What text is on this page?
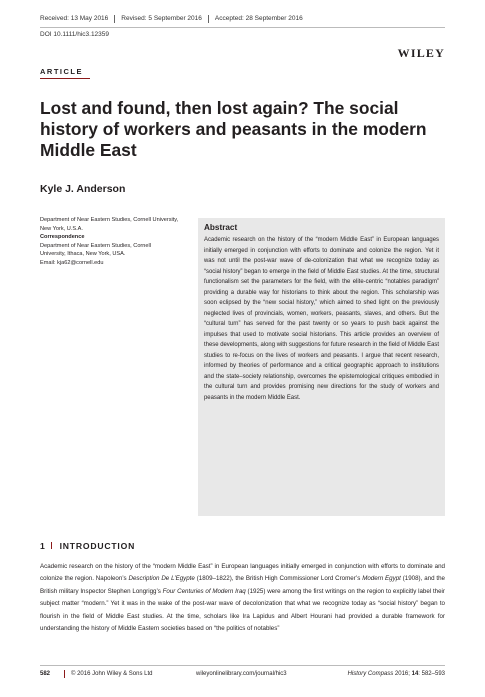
Received: 13 May 2016 Revised: 5 September 2016 Accepted: 28 September 2016
DOI 10.1111/hic3.12359
WILEY
ARTICLE
Lost and found, then lost again? The social history of workers and peasants in the modern Middle East
Kyle J. Anderson
Department of Near Eastern Studies, Cornell University, New York, U.S.A.
Correspondence
Department of Near Eastern Studies, Cornell
University, Ithaca, New York, USA.
Email: kja62@cornell.edu
Abstract

Academic research on the history of the “modern Middle East” in European languages initially emerged in conjunction with efforts to dominate and colonize the region. Yet it was not until the post-war wave of de-colonization that what we recognize today as “social history” began to emerge in the field of Middle East studies. At the time, structural functionalism set the parameters for the field, with the elite-centric “notables paradigm” providing a durable way for historians to think about the region. This scholarship was soon eclipsed by the “new social history,” which aimed to shed light on the previously neglected lives of provincials, women, workers, peasants, slaves, and others. But the “cultural turn” has served for the past twenty or so years to push back against the impulses that used to motivate social historians. This article provides an overview of these developments, along with suggestions for future research in the field of Middle East studies to re-focus on the lives of workers and peasants. I argue that recent research, informed by theories of performance and a critical geographic approach to institutions and the state–society relationship, overcomes the epistemological critiques embodied in the cultural turn and provides promising new directions for the study of workers and peasants in the modern Middle East.

1 INTRODUCTION

Academic research on the history of the “modern Middle East” in European languages initially emerged in conjunction with efforts to dominate and colonize the region. Napoleon’s Description De L’Egypte (1809–1822), the British High Commissioner Lord Cromer’s Modern Egypt (1908), and the British military Inspector Stephen Longrigg’s Four Centuries of Modern Iraq (1925) were among the first writings on the region to explicitly label their subject matter “modern.” Yet it was in the wake of the post-war wave of decolonization that what we recognize today as “social history” began to flourish in the field of Middle East studies. At the time, scholars like Ira Lapidus and Albert Hourani had provided a durable framework for understanding the history of Middle Eastern societies based on “the politics of notables”

582	© 2016 John Wiley & Sons Ltd	wileyonlinelibrary.com/journal/hic3	History Compass 2016; 14: 582–593
